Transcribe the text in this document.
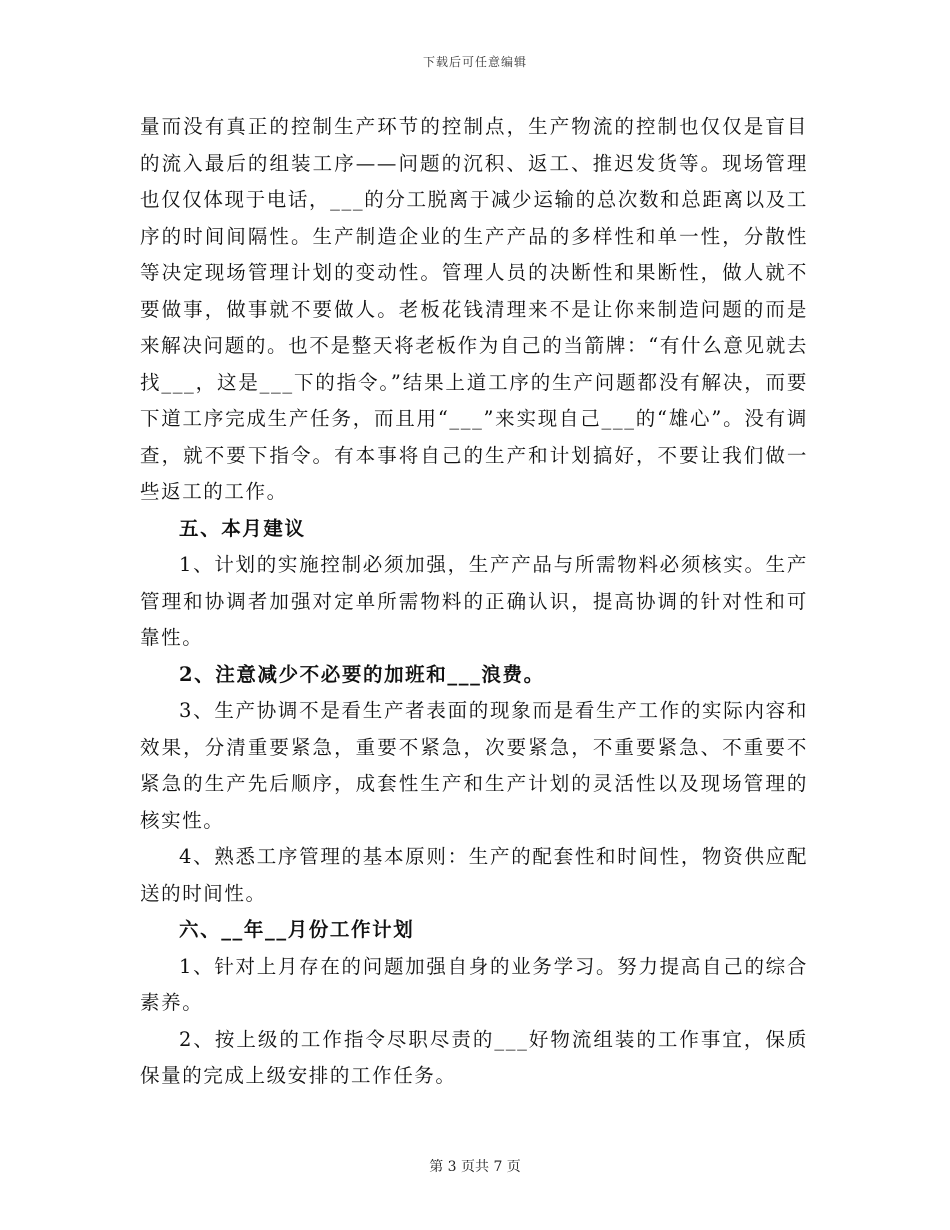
下载后可任意编辑

量而没有真正的控制生产环节的控制点，生产物流的控制也仅仅是盲目的流入最后的组装工序——问题的沉积、返工、推迟发货等。现场管理也仅仅体现于电话，___的分工脱离于减少运输的总次数和总距离以及工序的时间间隔性。生产制造企业的生产产品的多样性和单一性，分散性等决定现场管理计划的变动性。管理人员的决断性和果断性，做人就不要做事，做事就不要做人。老板花钱清理来不是让你来制造问题的而是来解决问题的。也不是整天将老板作为自己的当箭牌：“有什么意见就去找___，这是___下的指令。”结果上道工序的生产问题都没有解决，而要下道工序完成生产任务，而且用“___”来实现自己___的“雄心”。没有调查，就不要下指令。有本事将自己的生产和计划搞好，不要让我们做一些返工的工作。

五、本月建议

1、计划的实施控制必须加强，生产产品与所需物料必须核实。生产管理和协调者加强对定单所需物料的正确认识，提高协调的针对性和可靠性。

2、注意减少不必要的加班和___浪费。

3、生产协调不是看生产者表面的现象而是看生产工作的实际内容和效果，分清重要紧急，重要不紧急，次要紧急，不重要紧急、不重要不紧急的生产先后顺序，成套性生产和生产计划的灵活性以及现场管理的核实性。

4、熟悉工序管理的基本原则：生产的配套性和时间性，物资供应配送的时间性。

六、__年__月份工作计划

1、针对上月存在的问题加强自身的业务学习。努力提高自己的综合素养。

2、按上级的工作指令尽职尽责的___好物流组装的工作事宜，保质保量的完成上级安排的工作任务。

第 3 页共 7 页
